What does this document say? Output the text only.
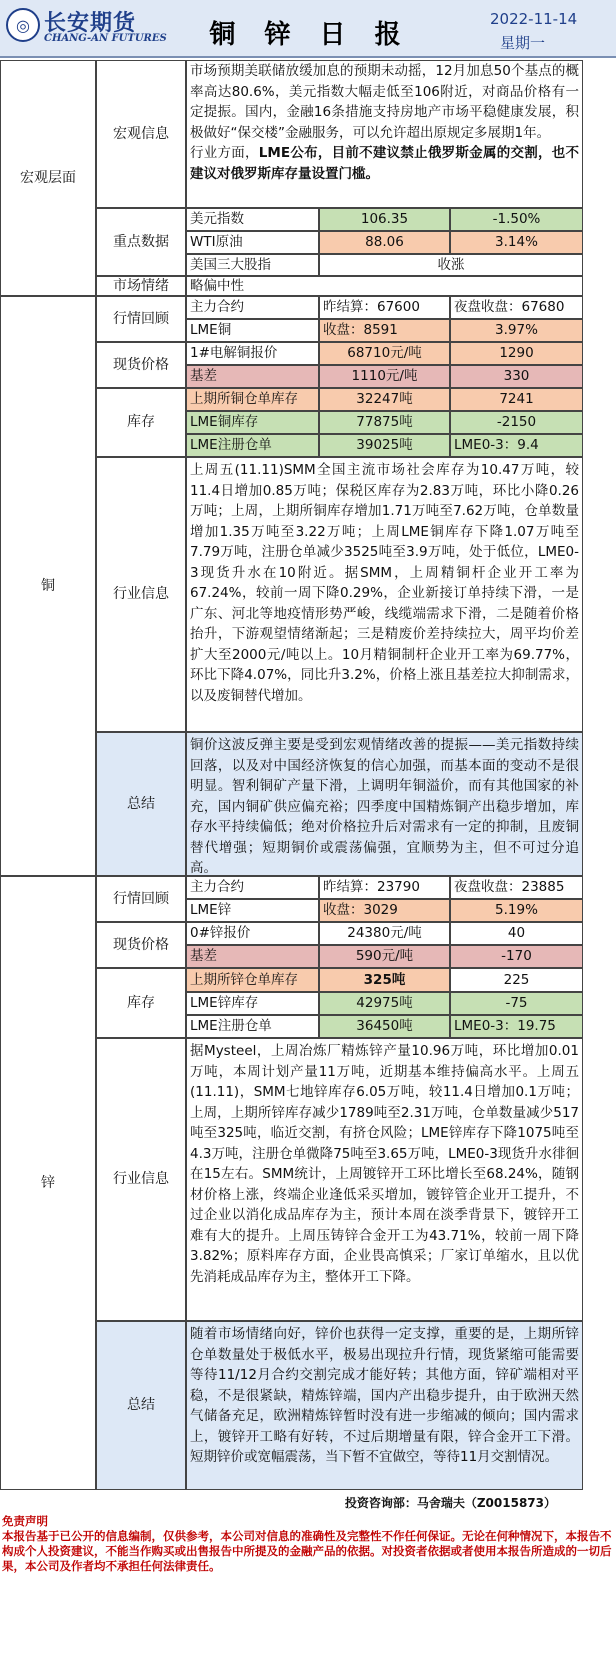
◎ 长安期货
CHANG-AN FUTURES	铜 锌 日 报
2022-11-14
星期一
宏观层面
宏观信息
市场预期美联储放缓加息的预期未动摇，12月加息50个基点的概率高达80.6%，美元指数大幅走低至106附近，对商品价格有一定提振。国内，金融16条措施支持房地产市场平稳健康发展，积极做好“保交楼”金融服务，可以允许超出原规定多展期1年。
行业方面，LME公布，目前不建议禁止俄罗斯金属的交割，也不建议对俄罗斯库存量设置门槛。
重点数据
美元指数	106.35	-1.50%
WTI原油	88.06	3.14%
美国三大股指	收涨
市场情绪	略偏中性
铜
行情回顾
主力合约	昨结算：67600	夜盘收盘：67680
LME铜	收盘：8591	3.97%
现货价格
1#电解铜报价	68710元/吨	1290
基差	1110元/吨	330
库存
上期所铜仓单库存	32247吨	7241
LME铜库存	77875吨	-2150
LME注册仓单	39025吨	LME0-3：9.4
行业信息
上周五(11.11)SMM全国主流市场社会库存为10.47万吨，较11.4日增加0.85万吨；保税区库存为2.83万吨，环比小降0.26万吨；上周，上期所铜库存增加1.71万吨至7.62万吨，仓单数量增加1.35万吨至3.22万吨；上周LME铜库存下降1.07万吨至7.79万吨，注册仓单减少3525吨至3.9万吨，处于低位，LME0-3现货升水在10附近。据SMM，上周精铜杆企业开工率为67.24%，较前一周下降0.29%，企业新接订单持续下滑，一是广东、河北等地疫情形势严峻，线缆端需求下滑，二是随着价格抬升，下游观望情绪渐起；三是精废价差持续拉大，周平均价差扩大至2000元/吨以上。10月精铜制杆企业开工率为69.77%，环比下降4.07%，同比升3.2%，价格上涨且基差拉大抑制需求，以及废铜替代增加。
总结
铜价这波反弹主要是受到宏观情绪改善的提振——美元指数持续回落，以及对中国经济恢复的信心加强，而基本面的变动不是很明显。智利铜矿产量下滑，上调明年铜溢价，而有其他国家的补充，国内铜矿供应偏充裕；四季度中国精炼铜产出稳步增加，库存水平持续偏低；绝对价格拉升后对需求有一定的抑制，且废铜替代增强；短期铜价或震荡偏强，宜顺势为主，但不可过分追高。
锌
行情回顾
主力合约	昨结算：23790	夜盘收盘：23885
LME锌	收盘：3029	5.19%
现货价格
0#锌报价	24380元/吨	40
基差	590元/吨	-170
库存
上期所锌仓单库存	325吨	225
LME锌库存	42975吨	-75
LME注册仓单	36450吨	LME0-3：19.75
行业信息
据Mysteel，上周冶炼厂精炼锌产量10.96万吨，环比增加0.01万吨，本周计划产量11万吨，近期基本维持偏高水平。上周五(11.11)，SMM七地锌库存6.05万吨，较11.4日增加0.1万吨；上周，上期所锌库存减少1789吨至2.31万吨，仓单数量减少517吨至325吨，临近交割，有挤仓风险；LME锌库存下降1075吨至4.3万吨，注册仓单微降75吨至3.65万吨，LME0-3现货升水徘徊在15左右。SMM统计，上周镀锌开工环比增长至68.24%，随钢材价格上涨，终端企业逢低采买增加，镀锌管企业开工提升，不过企业以消化成品库存为主，预计本周在淡季背景下，镀锌开工难有大的提升。上周压铸锌合金开工为43.71%，较前一周下降3.82%；原料库存方面，企业畏高慎采；厂家订单缩水，且以优先消耗成品库存为主，整体开工下降。
总结
随着市场情绪向好，锌价也获得一定支撑，重要的是，上期所锌仓单数量处于极低水平，极易出现拉升行情，现货紧缩可能需要等待11/12月合约交割完成才能好转；其他方面，锌矿端相对平稳，不是很紧缺，精炼锌端，国内产出稳步提升，由于欧洲天然气储备充足，欧洲精炼锌暂时没有进一步缩减的倾向；国内需求上，镀锌开工略有好转，不过后期增量有限，锌合金开工下滑。短期锌价或宽幅震荡，当下暂不宜做空，等待11月交割情况。
投资咨询部：马舍瑞夫（Z0015873）
免责声明
本报告基于已公开的信息编制，仅供参考，本公司对信息的准确性及完整性不作任何保证。无论在何种情况下，本报告不构成个人投资建议，不能当作购买或出售报告中所提及的金融产品的依据。对投资者依据或者使用本报告所造成的一切后果，本公司及作者均不承担任何法律责任。
